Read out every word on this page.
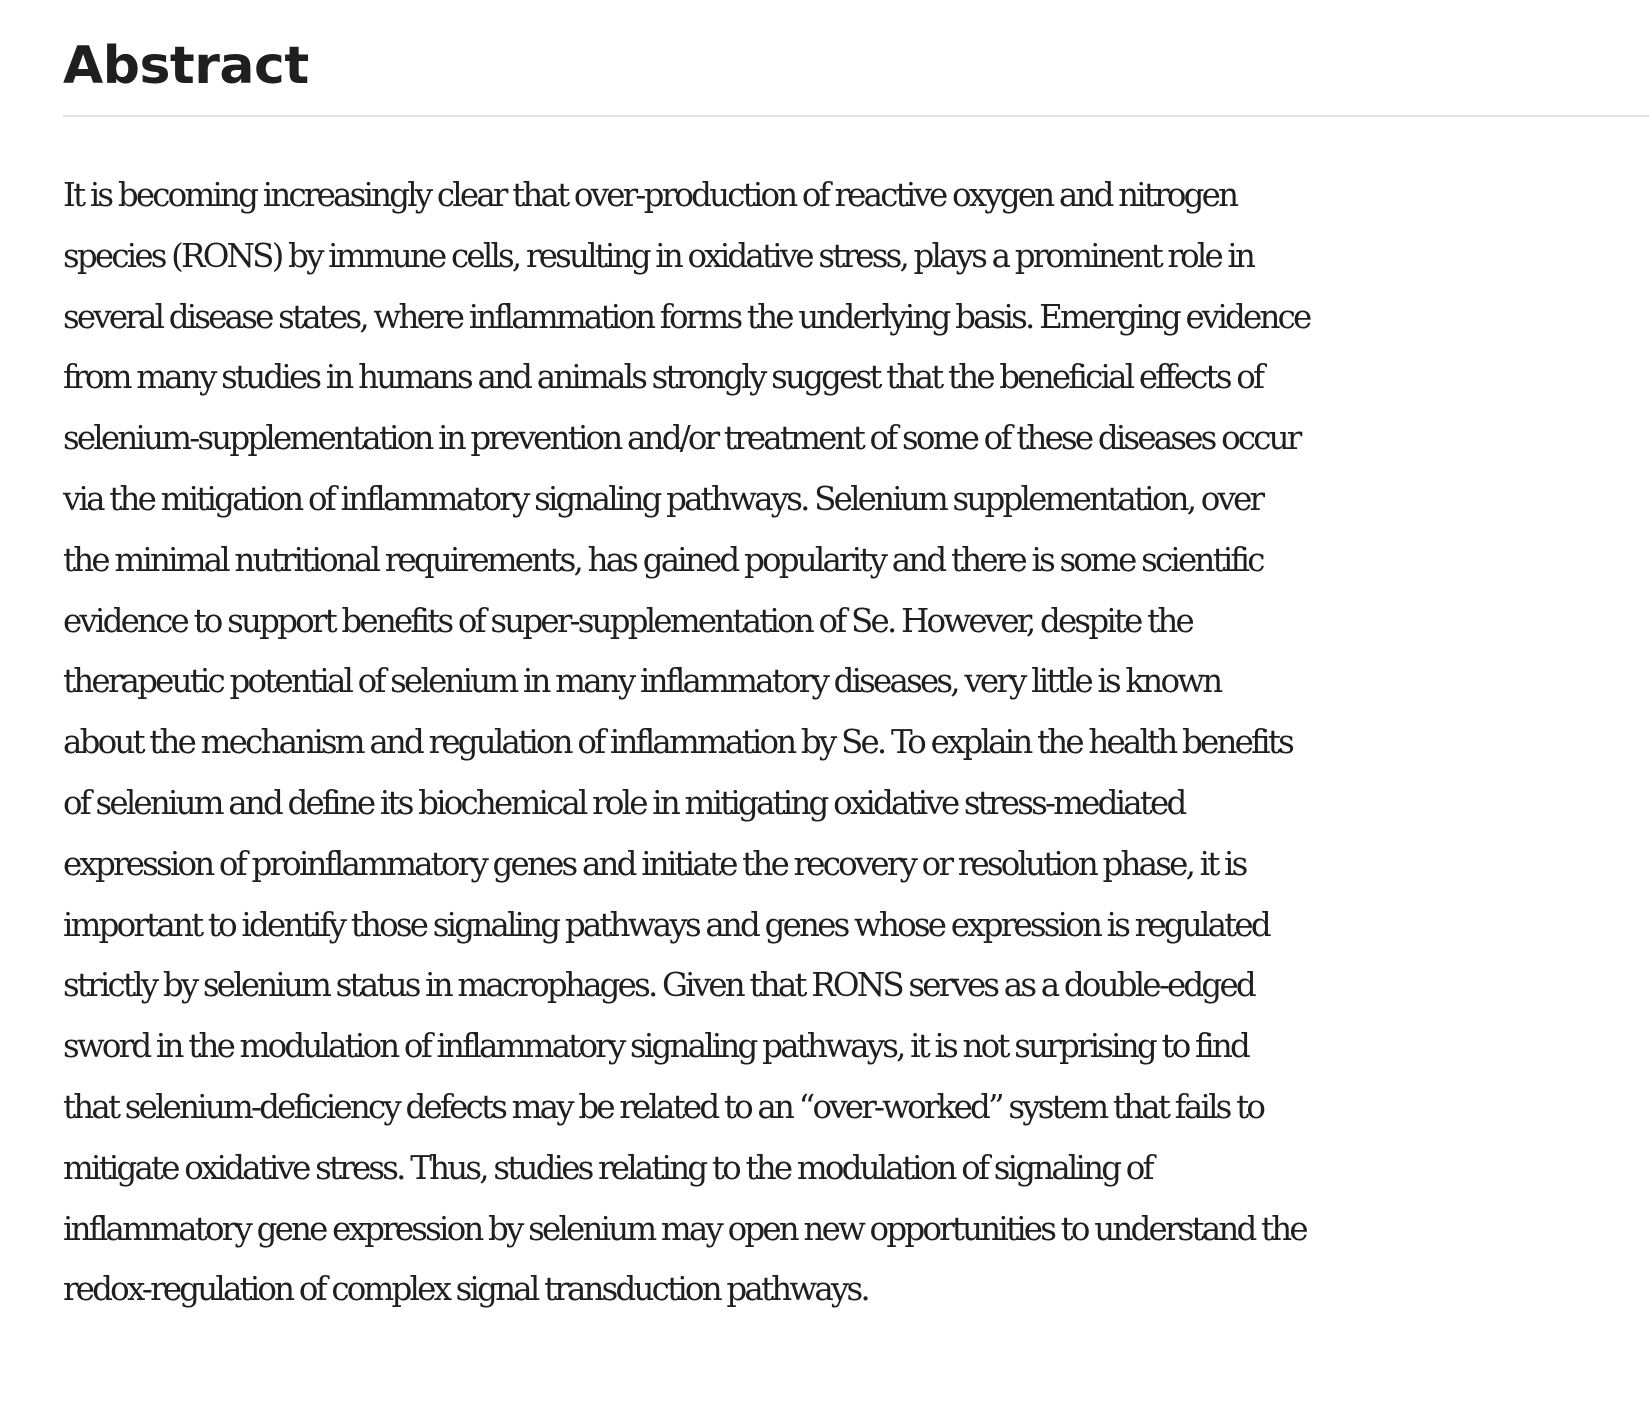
Abstract

It is becoming increasingly clear that over-production of reactive oxygen and nitrogen
species (RONS) by immune cells, resulting in oxidative stress, plays a prominent role in
several disease states, where inflammation forms the underlying basis. Emerging evidence
from many studies in humans and animals strongly suggest that the beneficial effects of
selenium-supplementation in prevention and/or treatment of some of these diseases occur
via the mitigation of inflammatory signaling pathways. Selenium supplementation, over
the minimal nutritional requirements, has gained popularity and there is some scientific
evidence to support benefits of super-supplementation of Se. However, despite the
therapeutic potential of selenium in many inflammatory diseases, very little is known
about the mechanism and regulation of inflammation by Se. To explain the health benefits
of selenium and define its biochemical role in mitigating oxidative stress-mediated
expression of proinflammatory genes and initiate the recovery or resolution phase, it is
important to identify those signaling pathways and genes whose expression is regulated
strictly by selenium status in macrophages. Given that RONS serves as a double-edged
sword in the modulation of inflammatory signaling pathways, it is not surprising to find
that selenium-deficiency defects may be related to an “over-worked” system that fails to
mitigate oxidative stress. Thus, studies relating to the modulation of signaling of
inflammatory gene expression by selenium may open new opportunities to understand the
redox-regulation of complex signal transduction pathways.
